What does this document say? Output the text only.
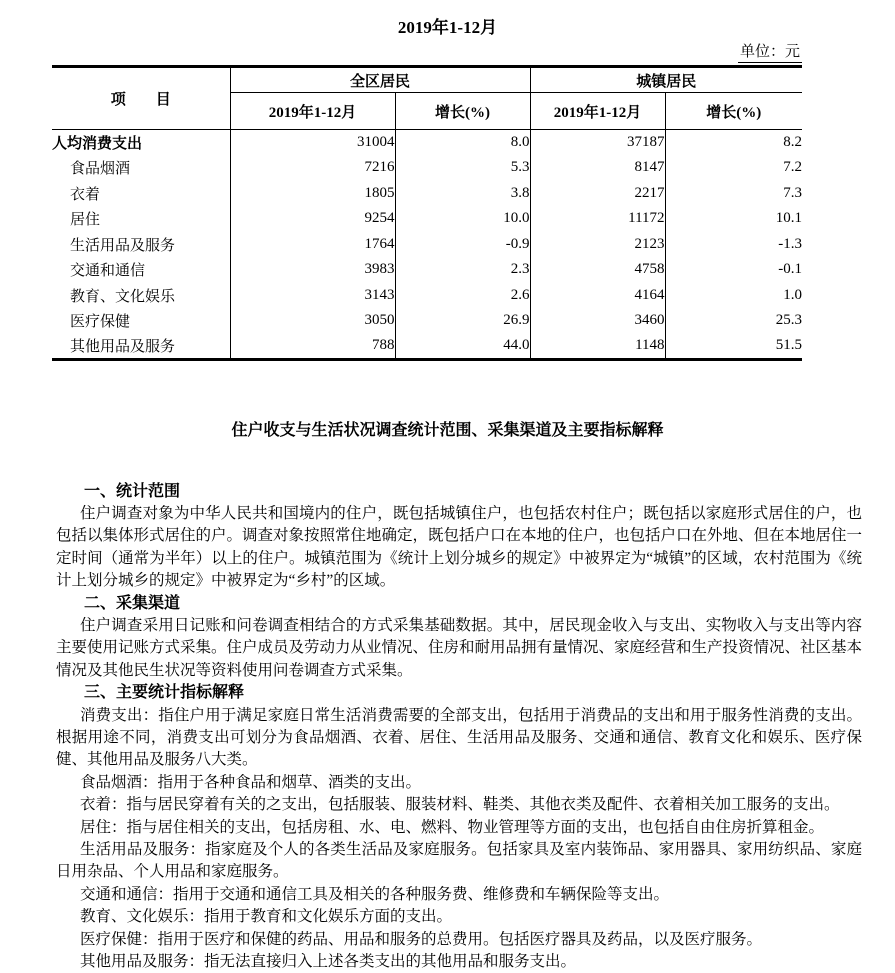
2019年1-12月
单位：元
项　　目	全区居民		城镇居民	
	2019年1-12月	增长(%)	2019年1-12月	增长(%)
人均消费支出	31004	8.0	37187	8.2
食品烟酒	7216	5.3	8147	7.2
衣着	1805	3.8	2217	7.3
居住	9254	10.0	11172	10.1
生活用品及服务	1764	-0.9	2123	-1.3
交通和通信	3983	2.3	4758	-0.1
教育、文化娱乐	3143	2.6	4164	1.0
医疗保健	3050	26.9	3460	25.3
其他用品及服务	788	44.0	1148	51.5
住户收支与生活状况调查统计范围、采集渠道及主要指标解释

一、统计范围

住户调查对象为中华人民共和国境内的住户，既包括城镇住户，也包括农村住户；既包括以家庭形式居住的户，也包括以集体形式居住的户。调查对象按照常住地确定，既包括户口在本地的住户，也包括户口在外地、但在本地居住一定时间（通常为半年）以上的住户。城镇范围为《统计上划分城乡的规定》中被界定为“城镇”的区域，农村范围为《统计上划分城乡的规定》中被界定为“乡村”的区域。

二、采集渠道

住户调查采用日记账和问卷调查相结合的方式采集基础数据。其中，居民现金收入与支出、实物收入与支出等内容主要使用记账方式采集。住户成员及劳动力从业情况、住房和耐用品拥有量情况、家庭经营和生产投资情况、社区基本情况及其他民生状况等资料使用问卷调查方式采集。

三、主要统计指标解释

消费支出：指住户用于满足家庭日常生活消费需要的全部支出，包括用于消费品的支出和用于服务性消费的支出。根据用途不同，消费支出可划分为食品烟酒、衣着、居住、生活用品及服务、交通和通信、教育文化和娱乐、医疗保健、其他用品及服务八大类。

食品烟酒：指用于各种食品和烟草、酒类的支出。

衣着：指与居民穿着有关的之支出，包括服装、服装材料、鞋类、其他衣类及配件、衣着相关加工服务的支出。

居住：指与居住相关的支出，包括房租、水、电、燃料、物业管理等方面的支出，也包括自由住房折算租金。

生活用品及服务：指家庭及个人的各类生活品及家庭服务。包括家具及室内装饰品、家用器具、家用纺织品、家庭日用杂品、个人用品和家庭服务。

交通和通信：指用于交通和通信工具及相关的各种服务费、维修费和车辆保险等支出。

教育、文化娱乐：指用于教育和文化娱乐方面的支出。

医疗保健：指用于医疗和保健的药品、用品和服务的总费用。包括医疗器具及药品，以及医疗服务。

其他用品及服务：指无法直接归入上述各类支出的其他用品和服务支出。
